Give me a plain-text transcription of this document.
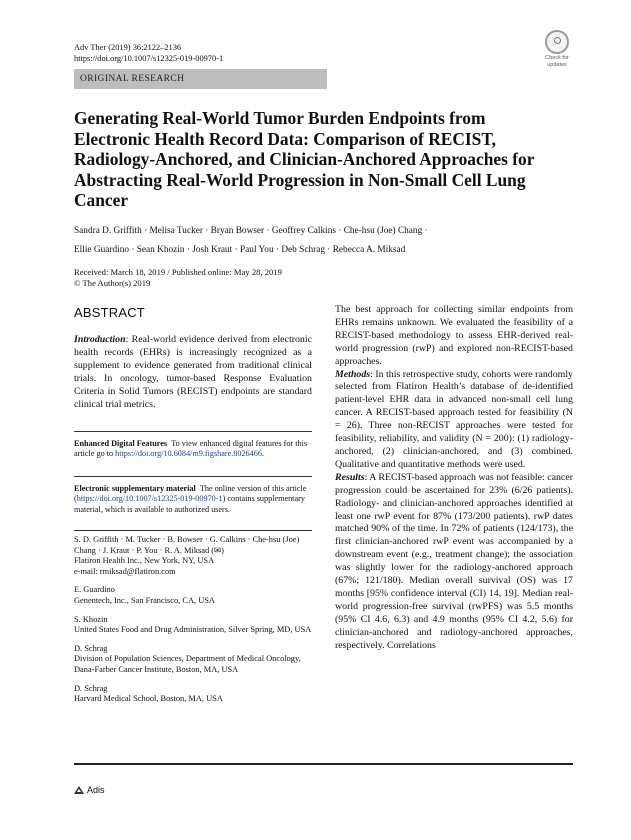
Adv Ther (2019) 36:2122–2136
https://doi.org/10.1007/s12325-019-00970-1	Check for
updates
ORIGINAL RESEARCH
Generating Real-World Tumor Burden Endpoints from Electronic Health Record Data: Comparison of RECIST, Radiology-Anchored, and Clinician-Anchored Approaches for Abstracting Real-World Progression in Non-Small Cell Lung Cancer
Sandra D. Griffith · Melisa Tucker · Bryan Bowser · Geoffrey Calkins · Che-hsu (Joe) Chang ·
Ellie Guardino · Sean Khozin · Josh Kraut · Paul You · Deb Schrag · Rebecca A. Miksad
Received: March 18, 2019 / Published online: May 28, 2019
© The Author(s) 2019
ABSTRACT

Introduction: Real-world evidence derived from electronic health records (EHRs) is increasingly recognized as a supplement to evidence generated from traditional clinical trials. In oncology, tumor-based Response Evaluation Criteria in Solid Tumors (RECIST) endpoints are standard clinical trial metrics.

Enhanced Digital Features To view enhanced digital features for this article go to https://doi.org/10.6084/m9.figshare.8026466.
Electronic supplementary material The online version of this article (https://doi.org/10.1007/s12325-019-00970-1) contains supplementary material, which is available to authorized users.
S. D. Griffith · M. Tucker · B. Bowser · G. Calkins · Che-hsu (Joe) Chang · J. Kraut · P. You · R. A. Miksad (✉)
Flatiron Health Inc., New York, NY, USA
e-mail: rmiksad@flatiron.com
E. Guardino
Genentech, Inc., San Francisco, CA, USA
S. Khozin
United States Food and Drug Administration, Silver Spring, MD, USA
D. Schrag
Division of Population Sciences, Department of Medical Oncology, Dana-Farber Cancer Institute, Boston, MA, USA
D. Schrag
Harvard Medical School, Boston, MA, USA

The best approach for collecting similar endpoints from EHRs remains unknown. We evaluated the feasibility of a RECIST-based methodology to assess EHR-derived real-world progression (rwP) and explored non-RECIST-based approaches.

Methods: In this retrospective study, cohorts were randomly selected from Flatiron Health’s database of de-identified patient-level EHR data in advanced non-small cell lung cancer. A RECIST-based approach tested for feasibility (N = 26). Three non-RECIST approaches were tested for feasibility, reliability, and validity (N = 200): (1) radiology-anchored, (2) clinician-anchored, and (3) combined. Qualitative and quantitative methods were used.

Results: A RECIST-based approach was not feasible: cancer progression could be ascertained for 23% (6/26 patients). Radiology- and clinician-anchored approaches identified at least one rwP event for 87% (173/200 patients). rwP dates matched 90% of the time. In 72% of patients (124/173), the first clinician-anchored rwP event was accompanied by a downstream event (e.g., treatment change); the association was slightly lower for the radiology-anchored approach (67%; 121/180). Median overall survival (OS) was 17 months [95% confidence interval (CI) 14, 19]. Median real-world progression-free survival (rwPFS) was 5.5 months (95% CI 4.6, 6.3) and 4.9 months (95% CI 4.2, 5.6) for clinician-anchored and radiology-anchored approaches, respectively. Correlations

Adis
